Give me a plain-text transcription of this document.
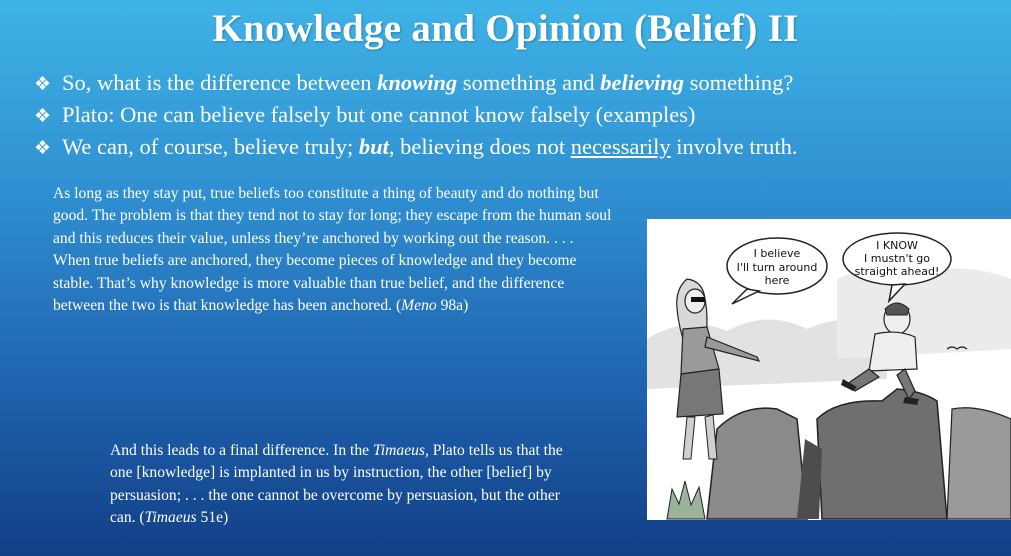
Knowledge and Opinion (Belief) II
❖ So, what is the difference between knowing something and believing something?
❖ Plato: One can believe falsely but one cannot know falsely (examples)
❖ We can, of course, believe truly; but, believing does not necessarily involve truth.
As long as they stay put, true beliefs too constitute a thing of beauty and do nothing but good. The problem is that they tend not to stay for long; they escape from the human soul and this reduces their value, unless they’re anchored by working out the reason. . . . When true beliefs are anchored, they become pieces of knowledge and they become stable. That’s why knowledge is more valuable than true belief, and the difference between the two is that knowledge has been anchored. (Meno 98a)
And this leads to a final difference. In the Timaeus, Plato tells us that the one [knowledge] is implanted in us by instruction, the other [belief] by persuasion; . . . the one cannot be overcome by persuasion, but the other can. (Timaeus 51e)
I believe
I'll turn around
here
I KNOW
I mustn't go
straight ahead!
